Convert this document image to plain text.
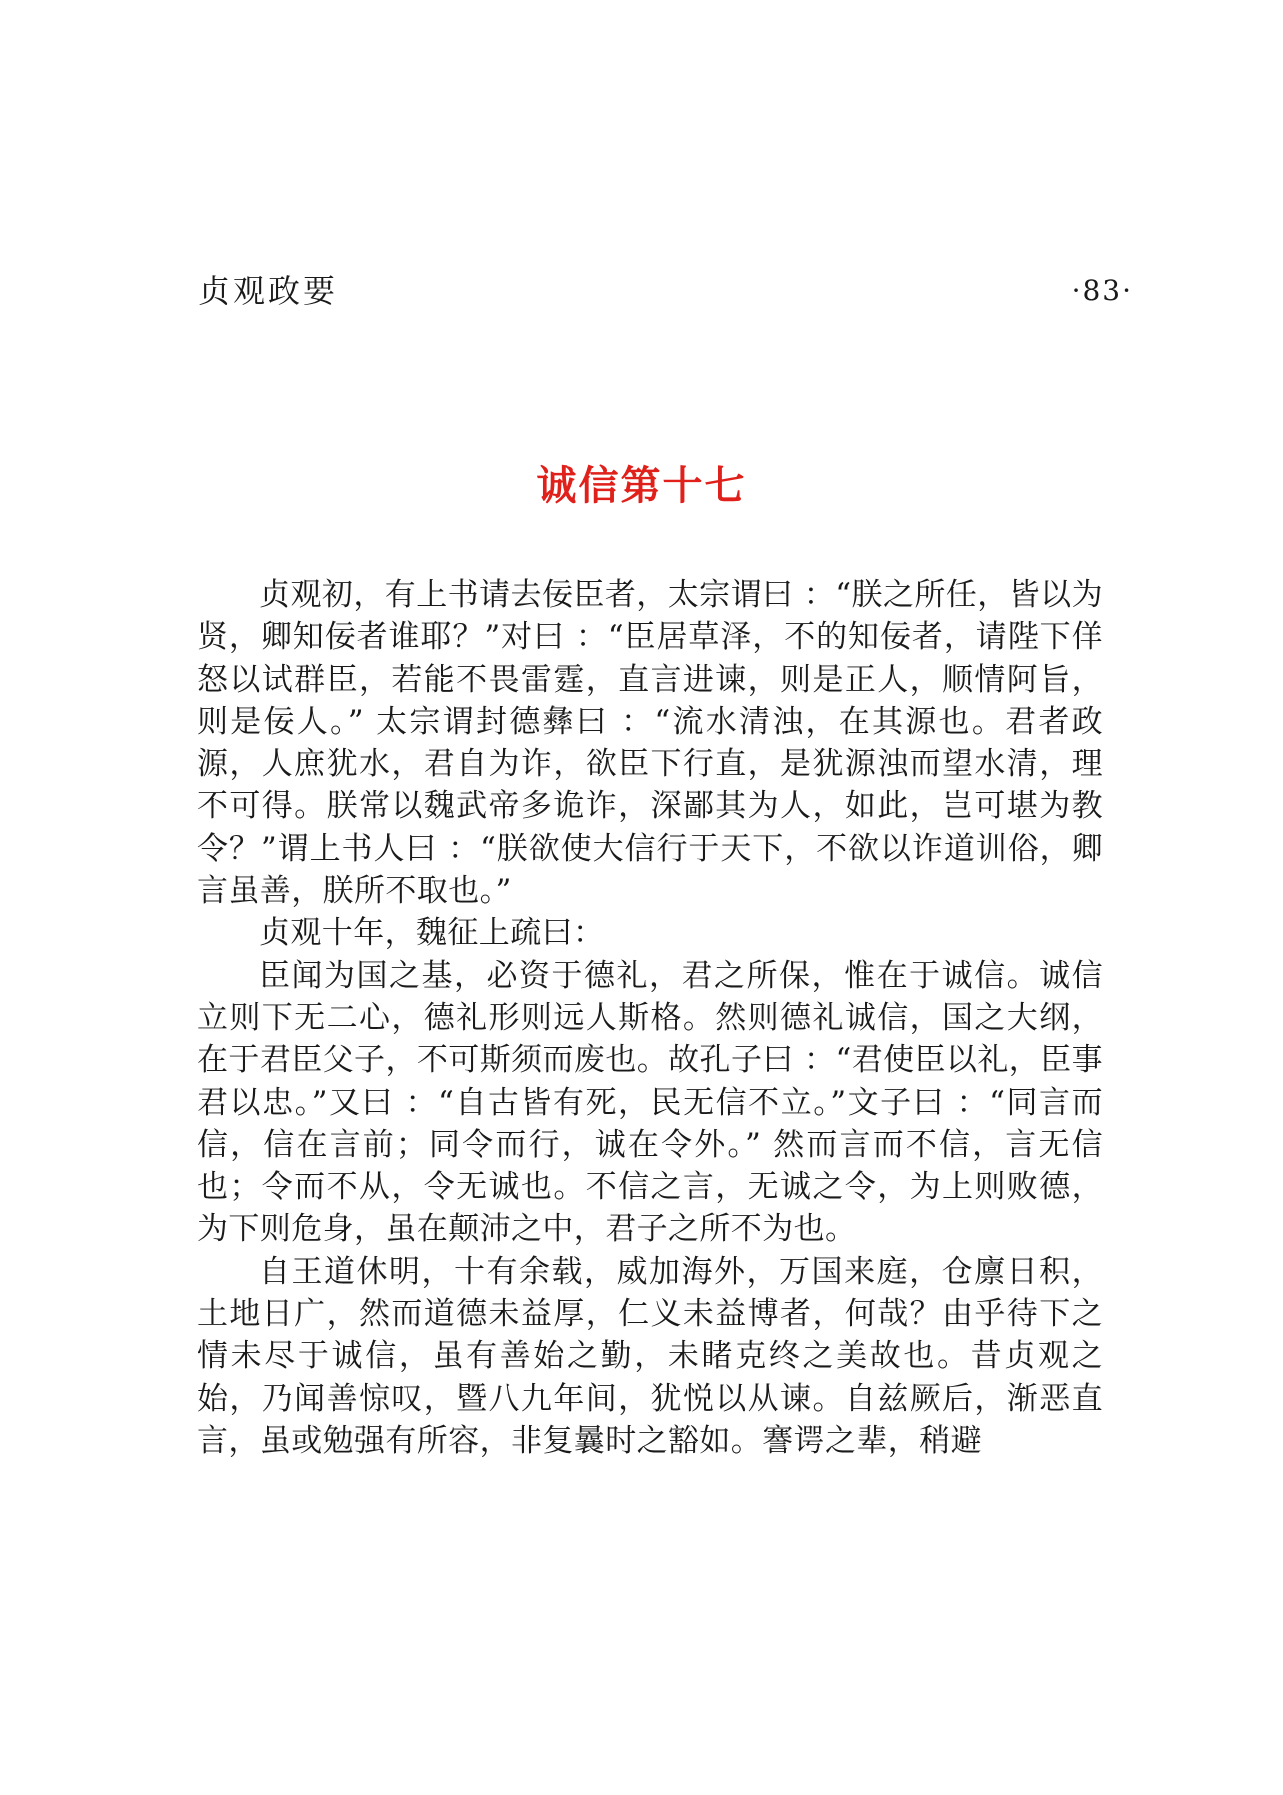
贞观政要	·83·
诚信第十七

贞观初，有上书请去佞臣者，太宗谓曰 ：“朕之所任，皆以为贤，卿知佞者谁耶？”对曰 ：“臣居草泽，不的知佞者，请陛下佯怒以试群臣，若能不畏雷霆，直言进谏，则是正人，顺情阿旨，则是佞人。” 太宗谓封德彝曰 ：“流水清浊，在其源也。君者政源，人庶犹水，君自为诈，欲臣下行直，是犹源浊而望水清，理不可得。朕常以魏武帝多诡诈，深鄙其为人，如此，岂可堪为教令？”谓上书人曰 ：“朕欲使大信行于天下，不欲以诈道训俗，卿言虽善，朕所不取也。”

贞观十年，魏征上疏曰：

臣闻为国之基，必资于德礼，君之所保，惟在于诚信。诚信立则下无二心，德礼形则远人斯格。然则德礼诚信，国之大纲，在于君臣父子，不可斯须而废也。故孔子曰 ：“君使臣以礼，臣事君以忠。”又曰 ：“自古皆有死，民无信不立。”文子曰 ：“同言而信，信在言前；同令而行，诚在令外。” 然而言而不信，言无信也；令而不从，令无诚也。不信之言，无诚之令，为上则败德，为下则危身，虽在颠沛之中，君子之所不为也。

自王道休明，十有余载，威加海外，万国来庭，仓廪日积，土地日广，然而道德未益厚，仁义未益博者，何哉？由乎待下之情未尽于诚信，虽有善始之勤，未睹克终之美故也。昔贞观之始，乃闻善惊叹，暨八九年间，犹悦以从谏。自兹厥后，渐恶直言，虽或勉强有所容，非复曩时之豁如。謇谔之辈，稍避
